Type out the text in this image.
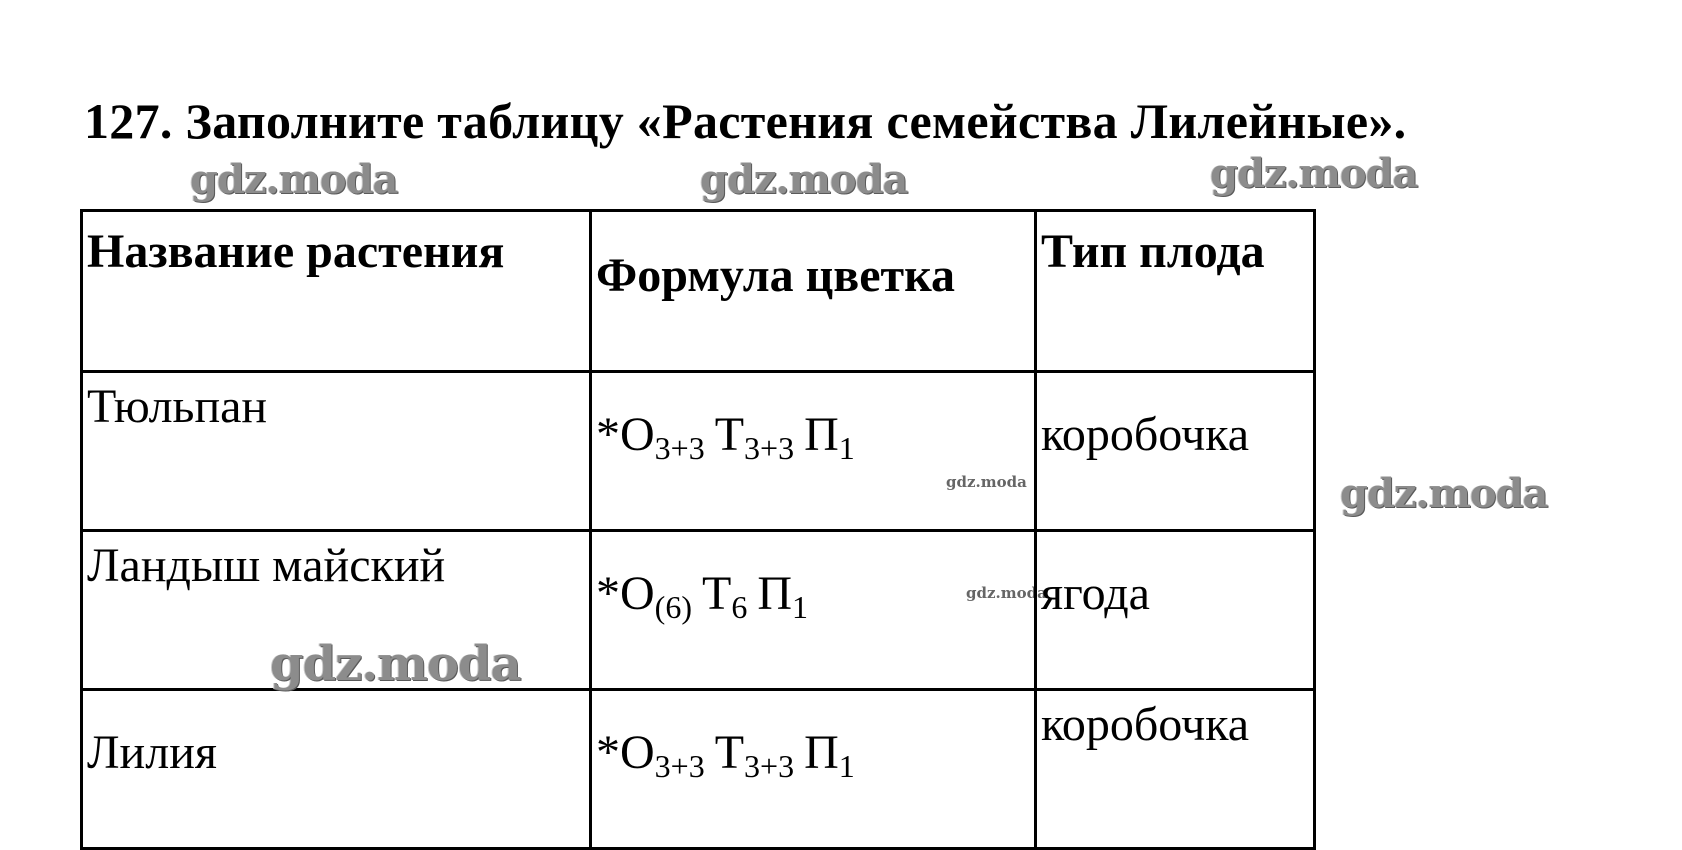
127. Заполните таблицу «Растения семейства Лилейные».
gdz.moda	gdz.moda	gdz.moda
gdz.moda
gdz.moda
gdz.moda
Название растения	Формула цветка	Тип плода
Тюльпан	$*О_{3+3}$ $Т_{3+3}$ $П_1$	коробочка
Ландыш майский	$*О_{(6)}$ $Т_6$ $П_1$	ягода
Лилия	$*О_{3+3}$ $Т_{3+3}$ $П_1$	коробочка
gdz.moda
